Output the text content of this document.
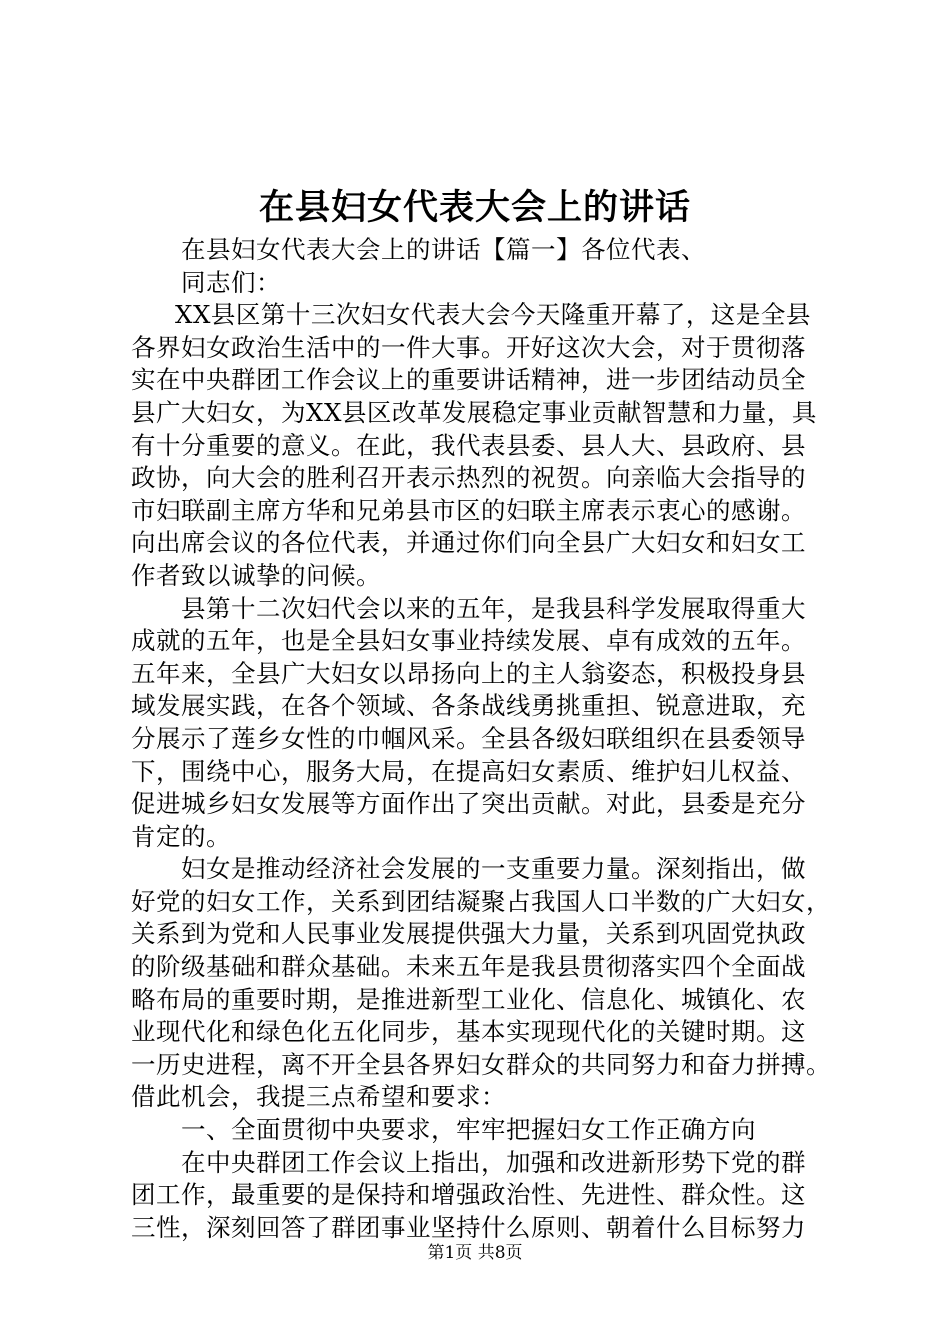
在县妇女代表大会上的讲话
在县妇女代表大会上的讲话【篇一】各位代表、
同志们：
XX县区第十三次妇女代表大会今天隆重开幕了，这是全县
各界妇女政治生活中的一件大事。开好这次大会，对于贯彻落
实在中央群团工作会议上的重要讲话精神，进一步团结动员全
县广大妇女，为XX县区改革发展稳定事业贡献智慧和力量，具
有十分重要的意义。在此，我代表县委、县人大、县政府、县
政协，向大会的胜利召开表示热烈的祝贺。向亲临大会指导的
市妇联副主席方华和兄弟县市区的妇联主席表示衷心的感谢。
向出席会议的各位代表，并通过你们向全县广大妇女和妇女工
作者致以诚挚的问候。
县第十二次妇代会以来的五年，是我县科学发展取得重大
成就的五年，也是全县妇女事业持续发展、卓有成效的五年。
五年来，全县广大妇女以昂扬向上的主人翁姿态，积极投身县
域发展实践，在各个领域、各条战线勇挑重担、锐意进取，充
分展示了莲乡女性的巾帼风采。全县各级妇联组织在县委领导
下，围绕中心，服务大局，在提高妇女素质、维护妇儿权益、
促进城乡妇女发展等方面作出了突出贡献。对此，县委是充分
肯定的。
妇女是推动经济社会发展的一支重要力量。深刻指出，做
好党的妇女工作，关系到团结凝聚占我国人口半数的广大妇女，
关系到为党和人民事业发展提供强大力量，关系到巩固党执政
的阶级基础和群众基础。未来五年是我县贯彻落实四个全面战
略布局的重要时期，是推进新型工业化、信息化、城镇化、农
业现代化和绿色化五化同步，基本实现现代化的关键时期。这
一历史进程，离不开全县各界妇女群众的共同努力和奋力拼搏。
借此机会，我提三点希望和要求：
一、全面贯彻中央要求，牢牢把握妇女工作正确方向
在中央群团工作会议上指出，加强和改进新形势下党的群
团工作，最重要的是保持和增强政治性、先进性、群众性。这
三性，深刻回答了群团事业坚持什么原则、朝着什么目标努力
第1页 共8页
